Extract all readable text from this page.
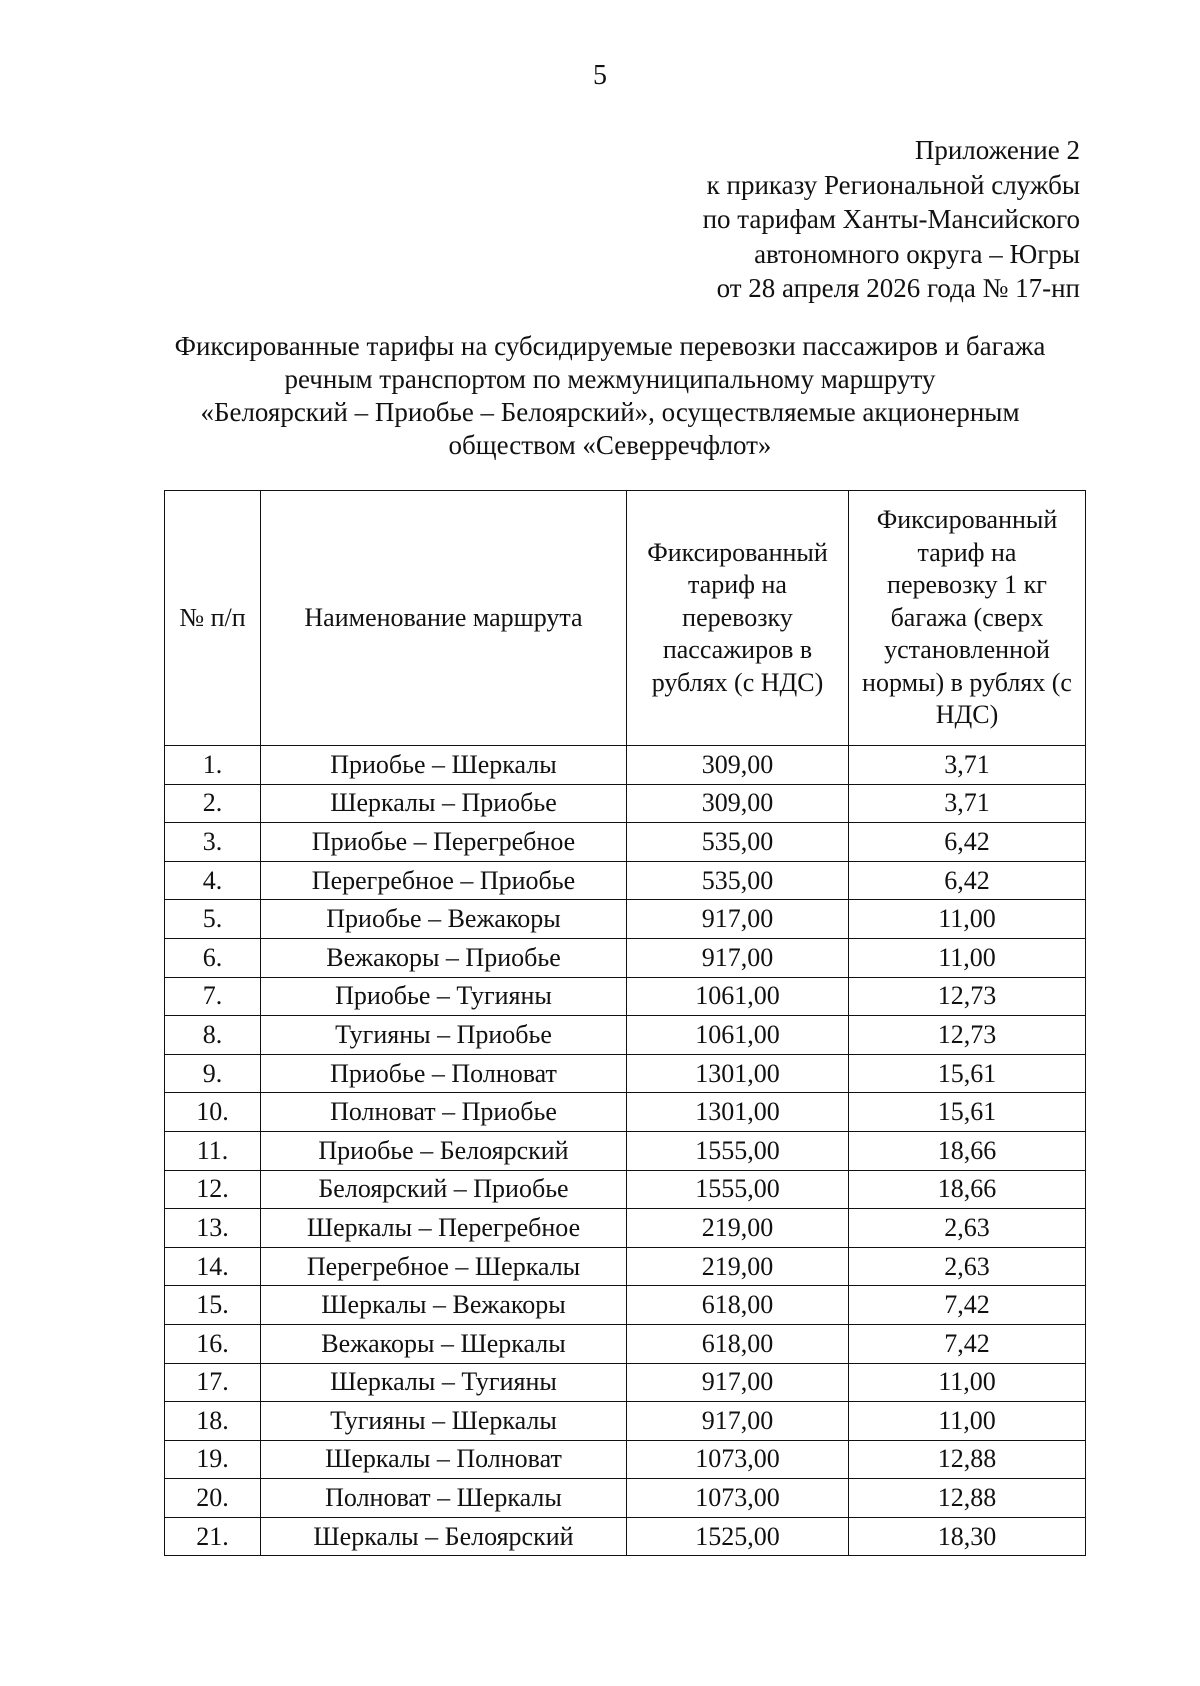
5
Приложение 2
к приказу Региональной службы
по тарифам Ханты-Мансийского
автономного округа – Югры
от 28 апреля 2026 года № 17-нп
Фиксированные тарифы на субсидируемые перевозки пассажиров и багажа
речным транспортом по межмуниципальному маршруту
«Белоярский – Приобье – Белоярский», осуществляемые акционерным
обществом «Северречфлот»
№ п/п	Наименование маршрута	Фиксированный тариф на перевозку пассажиров в рублях (с НДС)	Фиксированный тариф на перевозку 1 кг багажа (сверх установленной нормы) в рублях (с НДС)
1.	Приобье – Шеркалы	309,00	3,71
2.	Шеркалы – Приобье	309,00	3,71
3.	Приобье – Перегребное	535,00	6,42
4.	Перегребное – Приобье	535,00	6,42
5.	Приобье – Вежакоры	917,00	11,00
6.	Вежакоры – Приобье	917,00	11,00
7.	Приобье – Тугияны	1061,00	12,73
8.	Тугияны – Приобье	1061,00	12,73
9.	Приобье – Полноват	1301,00	15,61
10.	Полноват – Приобье	1301,00	15,61
11.	Приобье – Белоярский	1555,00	18,66
12.	Белоярский – Приобье	1555,00	18,66
13.	Шеркалы – Перегребное	219,00	2,63
14.	Перегребное – Шеркалы	219,00	2,63
15.	Шеркалы – Вежакоры	618,00	7,42
16.	Вежакоры – Шеркалы	618,00	7,42
17.	Шеркалы – Тугияны	917,00	11,00
18.	Тугияны – Шеркалы	917,00	11,00
19.	Шеркалы – Полноват	1073,00	12,88
20.	Полноват – Шеркалы	1073,00	12,88
21.	Шеркалы – Белоярский	1525,00	18,30
